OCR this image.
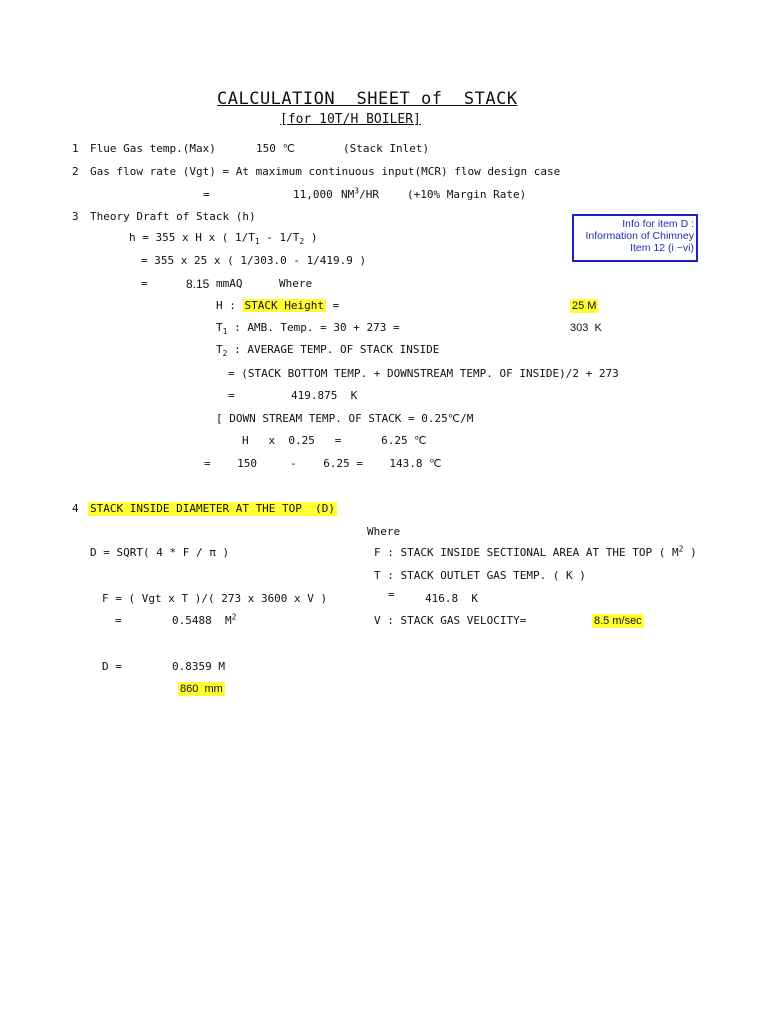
CALCULATION  SHEET of  STACK
[for 10T/H BOILER]
Info for item D :
Information of Chimney
Item 12 (i ~vi)
1 Flue Gas temp.(Max)	150 ℃	(Stack Inlet)
2 Gas flow rate (Vgt) = At maximum continuous input(MCR) flow design case
=	11,000 $NM^3/HR$	(+10% Margin Rate)
3 Theory Draft of Stack (h)
h = 355 x H x ( $1/T_1 - 1/T_2$ )
= 355 x 25 x ( 1/303.0 - 1/419.9 )
=	8.15 mmAQ	Where
H : STACK Height =	25 M
$T_1$ : AMB. Temp. = 30 + 273 =	303  K
$T_2$ : AVERAGE TEMP. OF STACK INSIDE
= (STACK BOTTOM TEMP. + DOWNSTREAM TEMP. OF INSIDE)/2 + 273
=	419.875  K
[ DOWN STREAM TEMP. OF STACK = 0.25℃/M
H   x  0.25   =      6.25 ℃
=    150     -    6.25 =    143.8 ℃
4 STACK INSIDE DIAMETER AT THE TOP  (D)
Where
D = SQRT( 4 * F / π )	F : STACK INSIDE SECTIONAL AREA AT THE TOP ( $M^2$ )
T : STACK OUTLET GAS TEMP. ( K )
=	416.8  K
F = ( Vgt x T )/( 273 x 3600 x V )
V : STACK GAS VELOCITY=	8.5 m/sec
=	0.5488 $M^2$
D =	0.8359 M
860  mm
